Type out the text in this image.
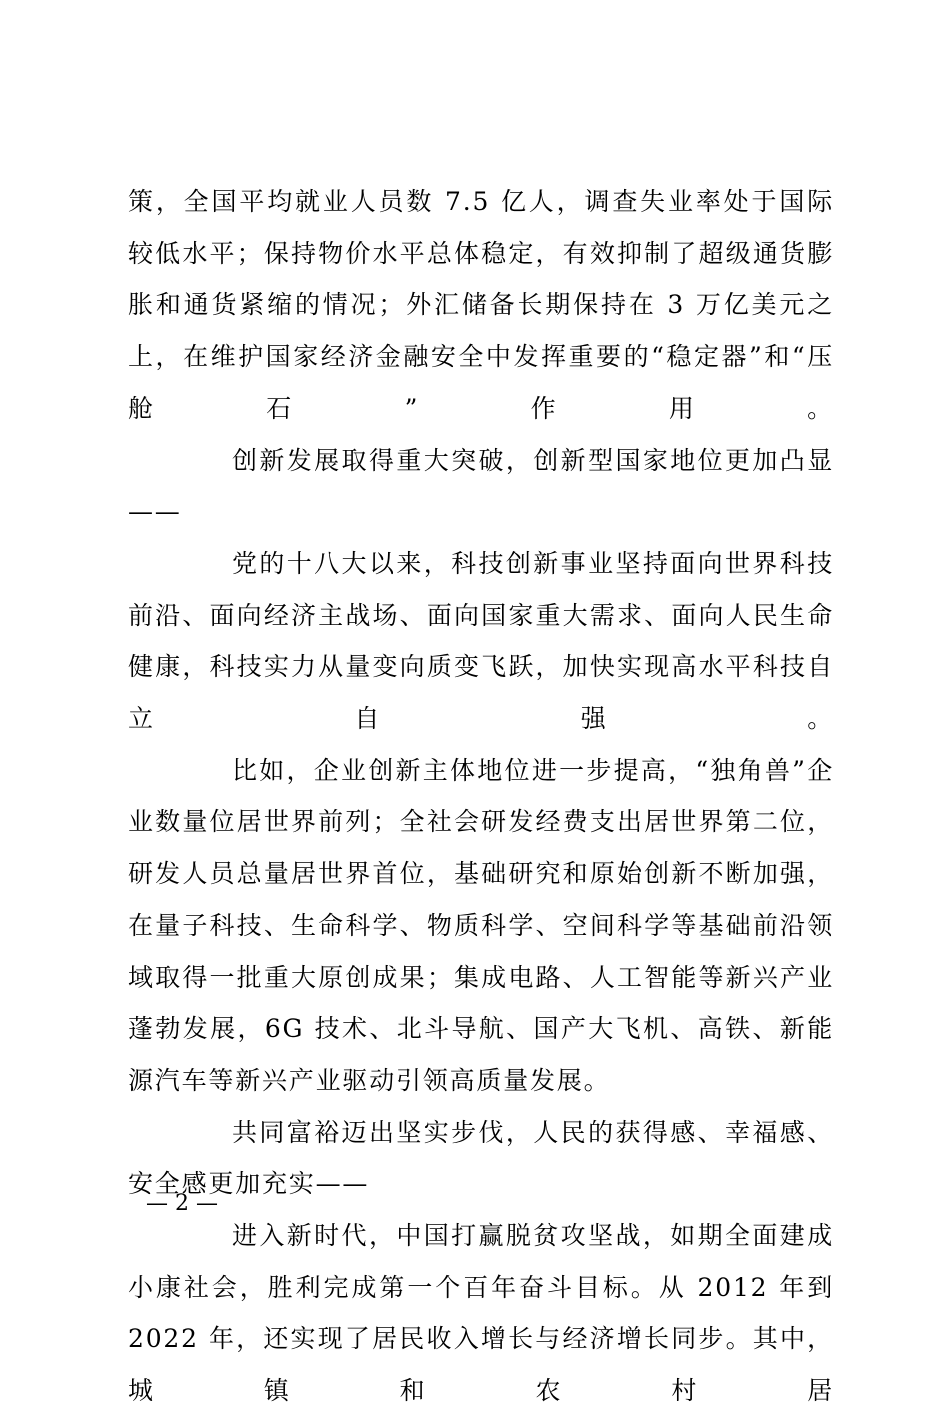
策，全国平均就业人员数 7.5 亿人，调查失业率处于国际较低水平；保持物价水平总体稳定，有效抑制了超级通货膨胀和通货紧缩的情况；外汇储备长期保持在 3 万亿美元之上，在维护国家经济金融安全中发挥重要的“稳定器”和“压舱石”作用。

创新发展取得重大突破，创新型国家地位更加凸显——

党的十八大以来，科技创新事业坚持面向世界科技前沿、面向经济主战场、面向国家重大需求、面向人民生命健康，科技实力从量变向质变飞跃，加快实现高水平科技自立自强。

比如，企业创新主体地位进一步提高，“独角兽”企业数量位居世界前列；全社会研发经费支出居世界第二位，研发人员总量居世界首位，基础研究和原始创新不断加强，在量子科技、生命科学、物质科学、空间科学等基础前沿领域取得一批重大原创成果；集成电路、人工智能等新兴产业蓬勃发展，6G 技术、北斗导航、国产大飞机、高铁、新能源汽车等新兴产业驱动引领高质量发展。

共同富裕迈出坚实步伐，人民的获得感、幸福感、安全感更加充实——

进入新时代，中国打赢脱贫攻坚战，如期全面建成小康社会，胜利完成第一个百年奋斗目标。从 2012 年到 2022 年，还实现了居民收入增长与经济增长同步。其中，城镇和农村居

— 2 —
